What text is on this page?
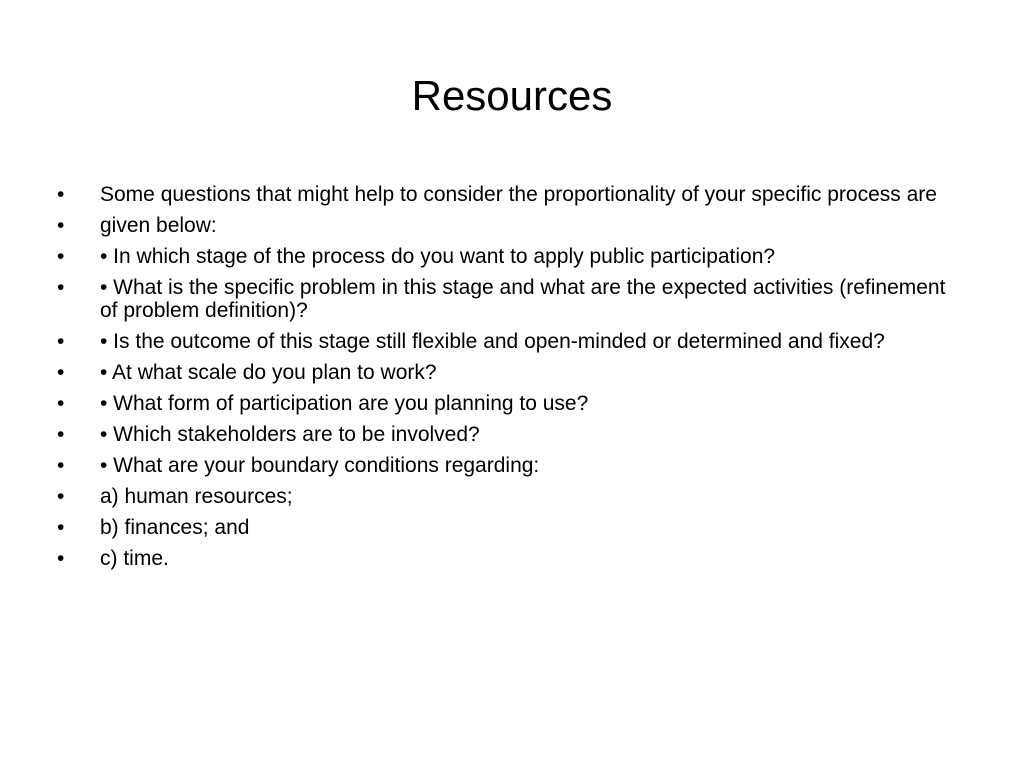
Resources
•	Some questions that might help to consider the proportionality of your specific process are
•	given below:
•	• In which stage of the process do you want to apply public participation?
•	• What is the specific problem in this stage and what are the expected activities (refinement of problem definition)?
•	• Is the outcome of this stage still flexible and open-minded or determined and fixed?
•	• At what scale do you plan to work?
•	• What form of participation are you planning to use?
•	• Which stakeholders are to be involved?
•	• What are your boundary conditions regarding:
•	a) human resources;
•	b) finances; and
•	c) time.
